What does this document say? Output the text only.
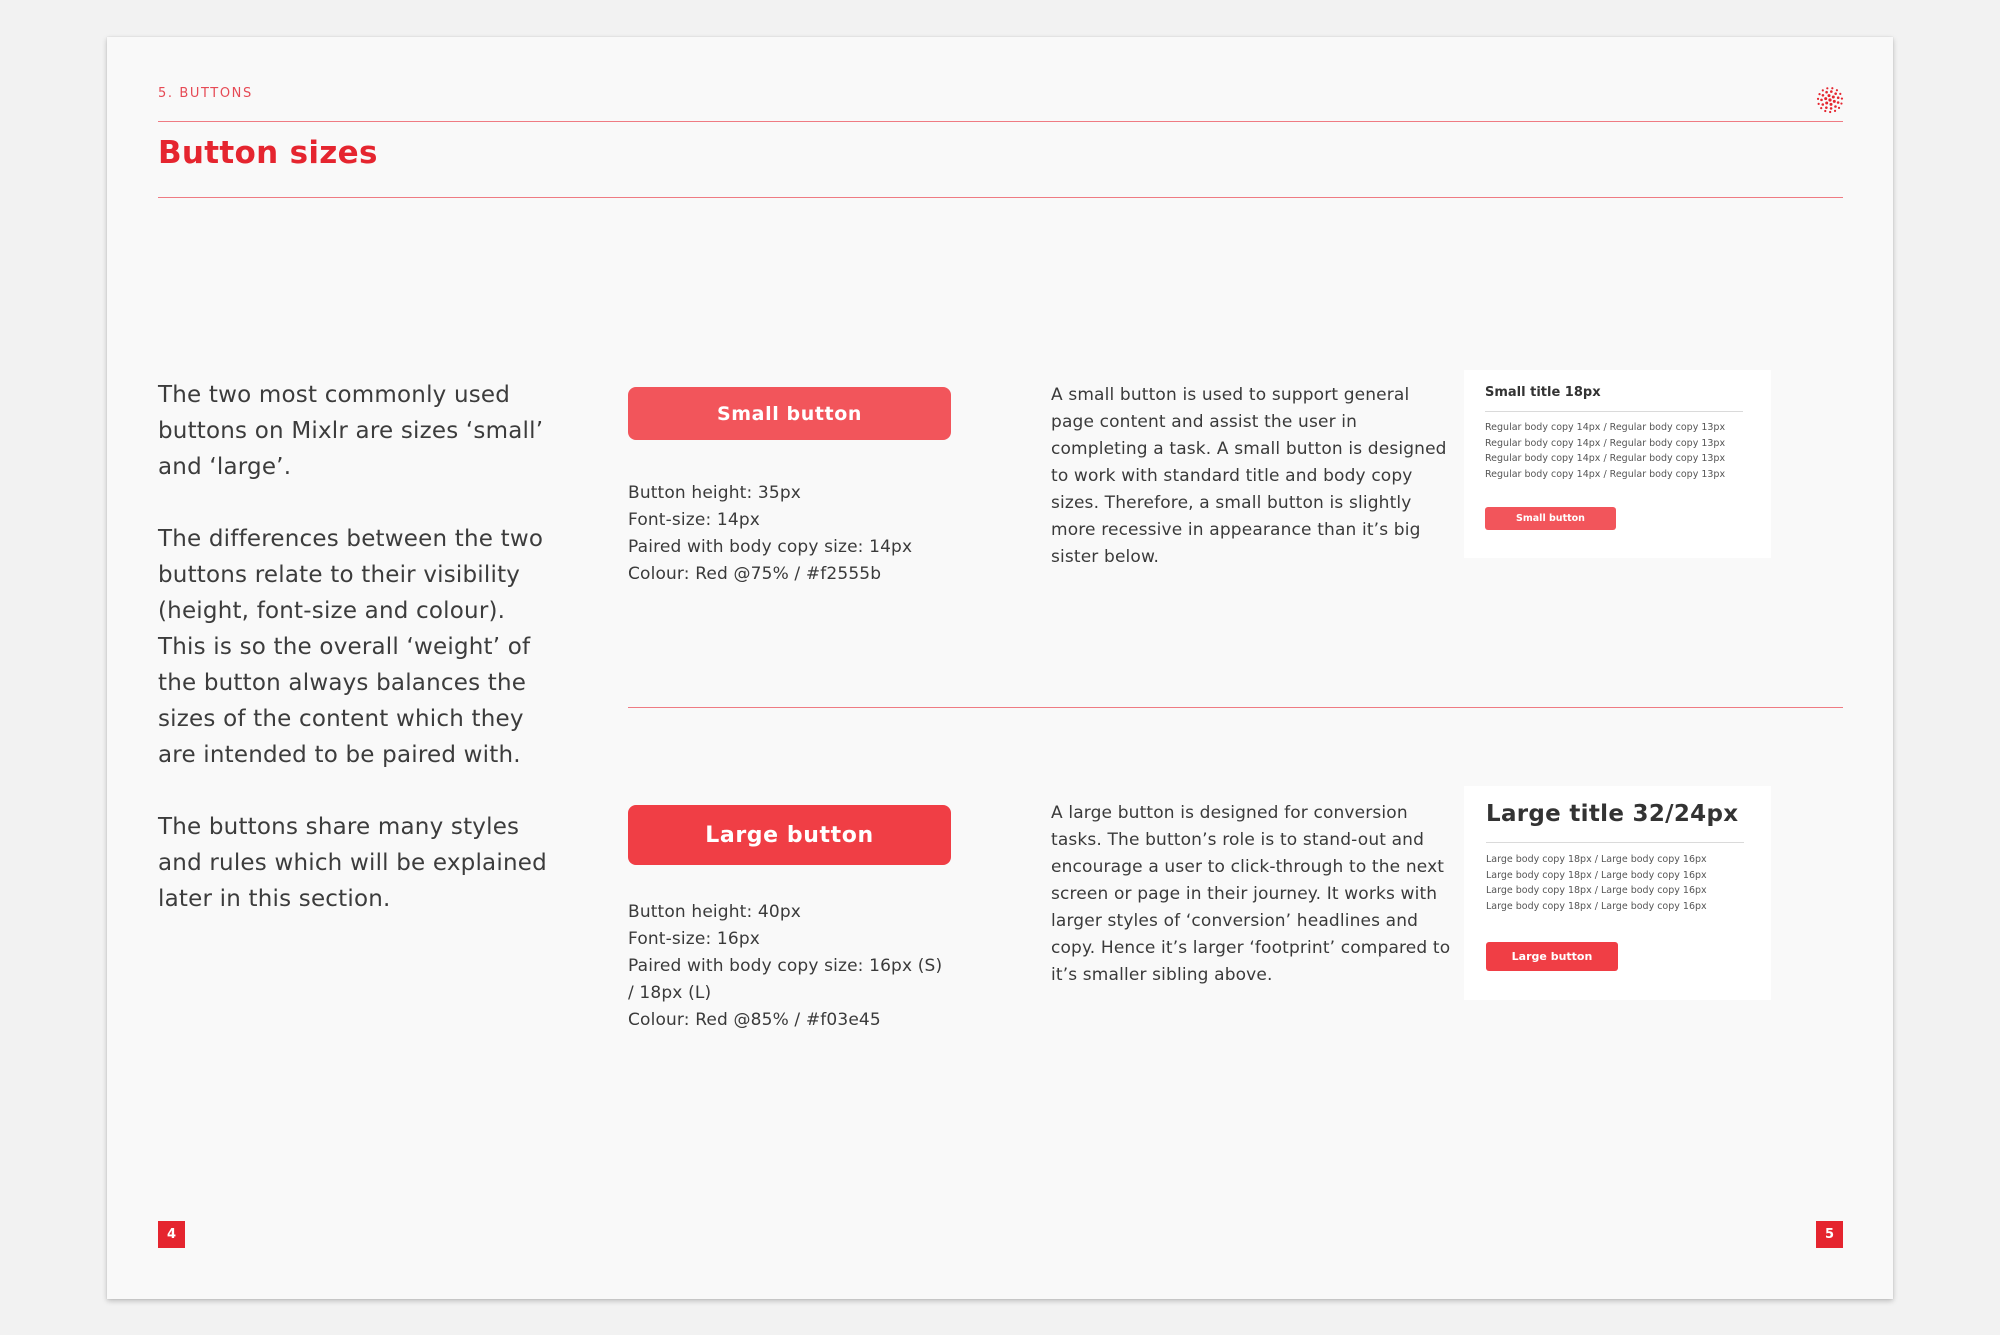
5. BUTTONS
Button sizes

The two most commonly used buttons on Mixlr are sizes ‘small’ and ‘large’.

The differences between the two buttons relate to their visibility (height, font-size and colour). This is so the overall ‘weight’ of the button always balances the sizes of the content which they are intended to be paired with.

The buttons share many styles and rules which will be explained later in this section.

Small button
Button height: 35px
Font-size: 14px
Paired with body copy size: 14px
Colour: Red @75% / #f2555b
A small button is used to support general page content and assist the user in completing a task. A small button is designed to work with standard title and body copy sizes. Therefore, a small button is slightly more recessive in appearance than it’s big sister below.
Small title 18px
Regular body copy 14px / Regular body copy 13px
Regular body copy 14px / Regular body copy 13px
Regular body copy 14px / Regular body copy 13px
Regular body copy 14px / Regular body copy 13px
Small button
Large button
Button height: 40px
Font-size: 16px
Paired with body copy size: 16px (S) / 18px (L)
Colour: Red @85% / #f03e45
A large button is designed for conversion tasks. The button’s role is to stand-out and encourage a user to click-through to the next screen or page in their journey. It works with larger styles of ‘conversion’ headlines and copy. Hence it’s larger ‘footprint’ compared to it’s smaller sibling above.
Large title 32/24px
Large body copy 18px / Large body copy 16px
Large body copy 18px / Large body copy 16px
Large body copy 18px / Large body copy 16px
Large body copy 18px / Large body copy 16px
Large button
4	5
